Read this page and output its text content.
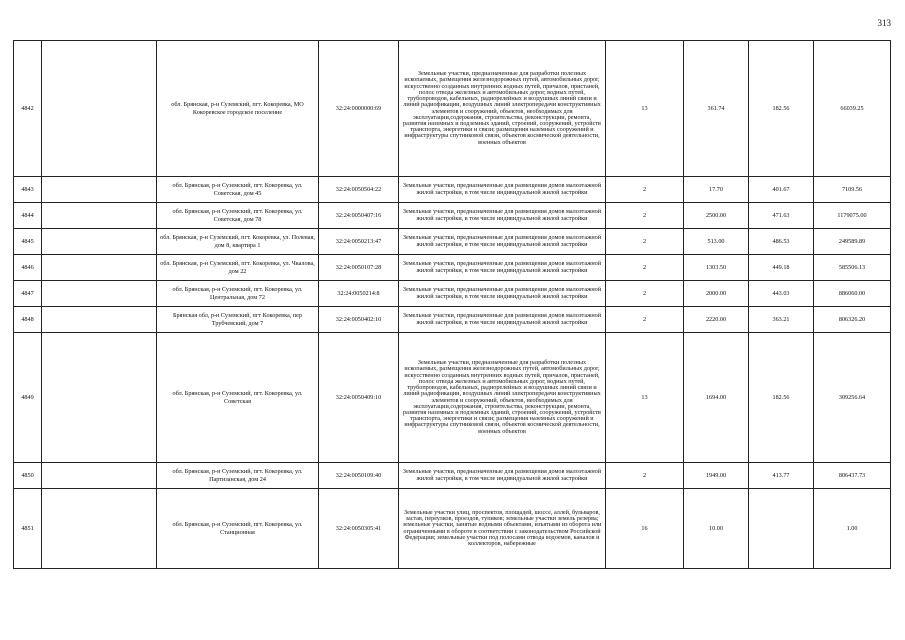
313
4842		обл. Брянская, р-н Суземский, пгт. Кокоревка, МО Кокоревское городское поселение	32:24:0000000:69	Земельные участки, предназначенные для разработки полезных ископаемых, размещения железнодорожных путей, автомобильных дорог, искусственно созданных внутренних водных путей, причалов, пристаней, полос отвода железных и автомобильных дорог, водных путей, трубопроводов, кабельных, радиорелейных и воздушных линий связи и линий радиофикации, воздушных линий электропередачи конструктивных элементов и сооружений, объектов, необходимых для эксплуатации,содержания, строительства, реконструкции, ремонта, развития наземных и подземных зданий, строений, сооружений, устройств транспорта, энергетики и связи; размещения наземных сооружений и инфраструктуры спутниковой связи, объектов космической деятельности, военных объектов	13	361.74	182.56	66039.25
4843		обл. Брянская, р-н Суземский, пгт. Кокоревка, ул. Советская, дом 45	32:24:0050504:22	Земельные участки, предназначенные для размещения домов малоэтажной жилой застройки, в том числе индивидуальной жилой застройки	2	17.70	401.67	7109.56
4844		обл. Брянская, р-н Суземский, пгт. Кокоревка, ул. Советская, дом 78	32:24:0050407:16	Земельные участки, предназначенные для размещения домов малоэтажной жилой застройки, в том числе индивидуальной жилой застройки	2	2500.00	471.63	1179075.00
4845		обл. Брянская, р-н Суземский, пгт. Кокоревка, ул. Полевая, дом 8, квартира 1	32:24:0050213:47	Земельные участки, предназначенные для размещения домов малоэтажной жилой застройки, в том числе индивидуальной жилой застройки	2	513.00	486.53	249589.89
4846		обл. Брянская, р-н Суземский, пгт. Кокоревка, ул. Чкалова, дом 22	32:24:0050107:28	Земельные участки, предназначенные для размещения домов малоэтажной жилой застройки, в том числе индивидуальной жилой застройки	2	1303.50	449.18	585506.13
4847		обл. Брянская, р-н Суземский, пгт. Кокоревка, ул. Центральная, дом 72	32:24:0050214:8	Земельные участки, предназначенные для размещения домов малоэтажной жилой застройки, в том числе индивидуальной жилой застройки	2	2000.00	443.03	886060.00
4848		Брянская обл, р-н Суземский, пгт Кокоревка, пер Трубчевский, дом 7	32:24:0050402:10	Земельные участки, предназначенные для размещения домов малоэтажной жилой застройки, в том числе индивидуальной жилой застройки	2	2220.00	363.21	806326.20
4849		обл. Брянская, р-н Суземский, пгт. Кокоревка, ул. Советская	32:24:0050409:10	Земельные участки, предназначенные для разработки полезных ископаемых, размещения железнодорожных путей, автомобильных дорог, искусственно созданных внутренних водных путей, причалов, пристаней, полос отвода железных и автомобильных дорог, водных путей, трубопроводов, кабельных, радиорелейных и воздушных линий связи и линий радиофикации, воздушных линий электропередачи конструктивных элементов и сооружений, объектов, необходимых для эксплуатации,содержания, строительства, реконструкции, ремонта, развития наземных и подземных зданий, строений, сооружений, устройств транспорта, энергетики и связи; размещения наземных сооружений и инфраструктуры спутниковой связи, объектов космической деятельности, военных объектов	13	1694.00	182.56	309256.64
4850		обл. Брянская, р-н Суземский, пгт. Кокоревка, ул. Партизанская, дом 24	32:24:0050109:40	Земельные участки, предназначенные для размещения домов малоэтажной жилой застройки, в том числе индивидуальной жилой застройки	2	1949.00	413.77	806437.73
4851		обл. Брянская, р-н Суземский, пгт. Кокоревка, ул. Станционная	32:24:0050305:41	Земельные участки улиц, проспектов, площадей, шоссе, аллей, бульваров, застав, переулков, проездов, тупиков; земельные участки земель резерва; земельные участки, занятые водными объектами, изъятыми из оборота или ограниченными в обороте в соответствии с законодательством Российской Федерации; земельные участки под полосами отвода водоемов, каналов и коллекторов, набережные	16	10.00		1.00
